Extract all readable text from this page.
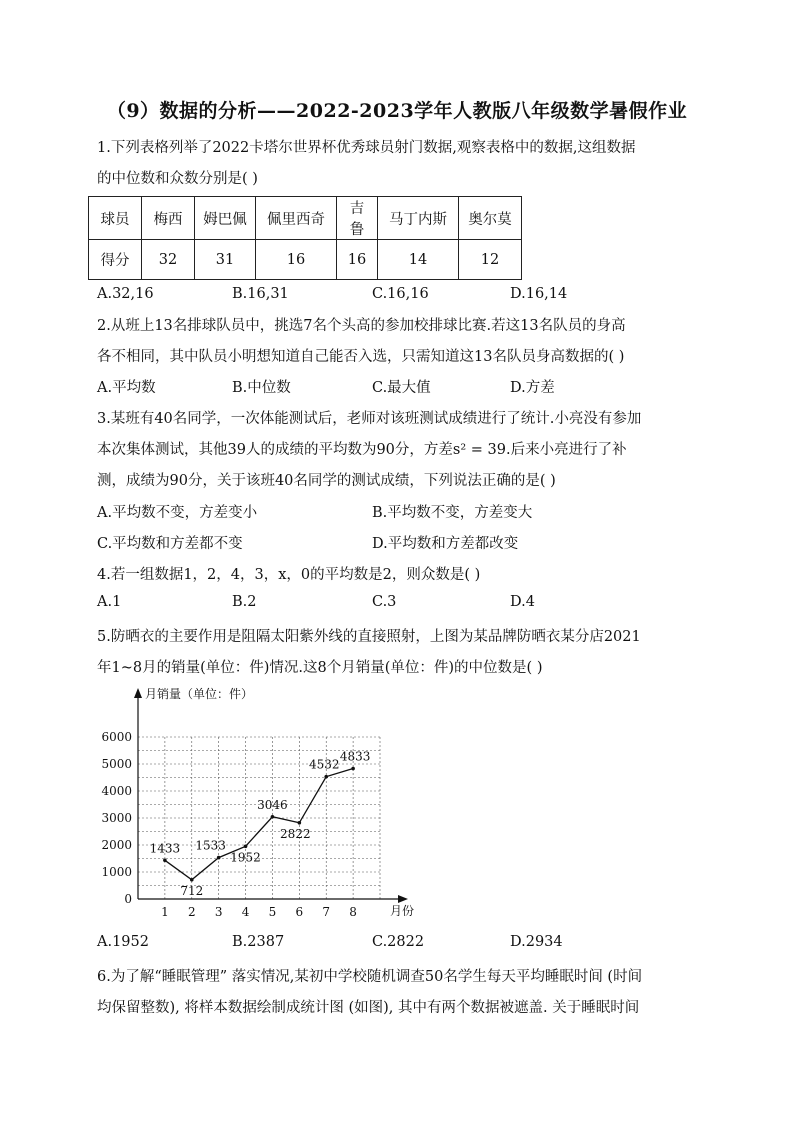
（9）数据的分析——2022-2023学年人教版八年级数学暑假作业
1.下列表格列举了2022卡塔尔世界杯优秀球员射门数据,观察表格中的数据,这组数据
的中位数和众数分别是( )
球员	梅西	姆巴佩	佩里西奇	吉鲁	马丁内斯	奥尔莫
得分	32	31	16	16	14	12
A.32,16	B.16,31	C.16,16	D.16,14
2.从班上13名排球队员中，挑选7名个头高的参加校排球比赛.若这13名队员的身高
各不相同，其中队员小明想知道自己能否入选，只需知道这13名队员身高数据的( )
A.平均数	B.中位数	C.最大值	D.方差
3.某班有40名同学，一次体能测试后，老师对该班测试成绩进行了统计.小亮没有参加
本次集体测试，其他39人的成绩的平均数为90分，方差s² = 39.后来小亮进行了补
测，成绩为90分，关于该班40名同学的测试成绩，下列说法正确的是( )
A.平均数不变，方差变小	B.平均数不变，方差变大
C.平均数和方差都不变	D.平均数和方差都改变
4.若一组数据1，2，4，3，x，0的平均数是2，则众数是( )
A.1	B.2	C.3	D.4
5.防晒衣的主要作用是阻隔太阳紫外线的直接照射，上图为某品牌防晒衣某分店2021
年1~8月的销量(单位：件)情况.这8个月销量(单位：件)的中位数是( )
0
1000
2000
3000
4000
5000
6000
1 2 3 4 5 6 7 8
1433
712
1533
1952
3046
2822
4532
4833
月销量（单位：件）
月份
A.1952	B.2387	C.2822	D.2934
6.为了解“睡眠管理” 落实情况,某初中学校随机调查50名学生每天平均睡眠时间 (时间
均保留整数), 将样本数据绘制成统计图 (如图), 其中有两个数据被遮盖. 关于睡眠时间
